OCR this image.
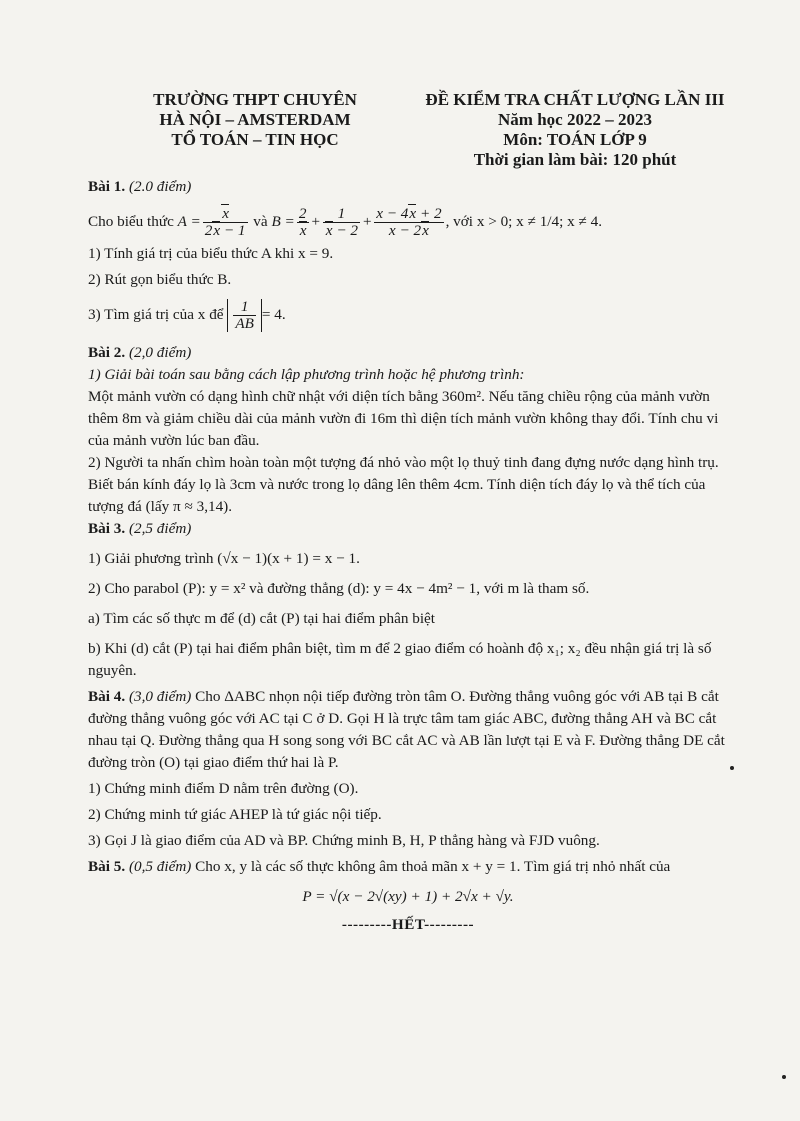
TRƯỜNG THPT CHUYÊN
HÀ NỘI – AMSTERDAM
TỔ TOÁN – TIN HỌC
ĐỀ KIỂM TRA CHẤT LƯỢNG LẦN III
Năm học 2022 – 2023
Môn: TOÁN LỚP 9
Thời gian làm bài: 120 phút

Bài 1. (2.0 điểm)

Cho biểu thức $A = \frac{x}{2x - 1}$ và $B = \frac{2}{x} + \frac{1}{x - 2} + \frac{x - 4x + 2}{x - 2x}$ , với x > 0; x ≠ 1/4; x ≠ 4.

1) Tính giá trị của biểu thức A khi x = 9.

2) Rút gọn biểu thức B.

3) Tìm giá trị của x để $\frac{1}{AB} = 4$.

Bài 2. (2,0 điểm)

1) Giải bài toán sau bằng cách lập phương trình hoặc hệ phương trình:

Một mảnh vườn có dạng hình chữ nhật với diện tích bằng 360m². Nếu tăng chiều rộng của mảnh vườn thêm 8m và giảm chiều dài của mảnh vườn đi 16m thì diện tích mảnh vườn không thay đổi. Tính chu vi của mảnh vườn lúc ban đầu.

2) Người ta nhấn chìm hoàn toàn một tượng đá nhỏ vào một lọ thuỷ tinh đang đựng nước dạng hình trụ. Biết bán kính đáy lọ là 3cm và nước trong lọ dâng lên thêm 4cm. Tính diện tích đáy lọ và thể tích của tượng đá (lấy π ≈ 3,14).

Bài 3. (2,5 điểm)

1) Giải phương trình (√x − 1)(x + 1) = x − 1.

2) Cho parabol (P): y = x² và đường thẳng (d): y = 4x − 4m² − 1, với m là tham số.

a) Tìm các số thực m để (d) cắt (P) tại hai điểm phân biệt

b) Khi (d) cắt (P) tại hai điểm phân biệt, tìm m để 2 giao điểm có hoành độ x₁; x₂ đều nhận giá trị là số nguyên.

Bài 4. (3,0 điểm) Cho ΔABC nhọn nội tiếp đường tròn tâm O. Đường thẳng vuông góc với AB tại B cắt đường thẳng vuông góc với AC tại C ở D. Gọi H là trực tâm tam giác ABC, đường thẳng AH và BC cắt nhau tại Q. Đường thẳng qua H song song với BC cắt AC và AB lần lượt tại E và F. Đường thẳng DE cắt đường tròn (O) tại giao điểm thứ hai là P.

1) Chứng minh điểm D nằm trên đường (O).

2) Chứng minh tứ giác AHEP là tứ giác nội tiếp.

3) Gọi J là giao điểm của AD và BP. Chứng minh B, H, P thẳng hàng và FJD vuông.

Bài 5. (0,5 điểm) Cho x, y là các số thực không âm thoả mãn x + y = 1. Tìm giá trị nhỏ nhất của

P = √(x − 2√(xy) + 1) + 2√x + √y.

---------HẾT---------
